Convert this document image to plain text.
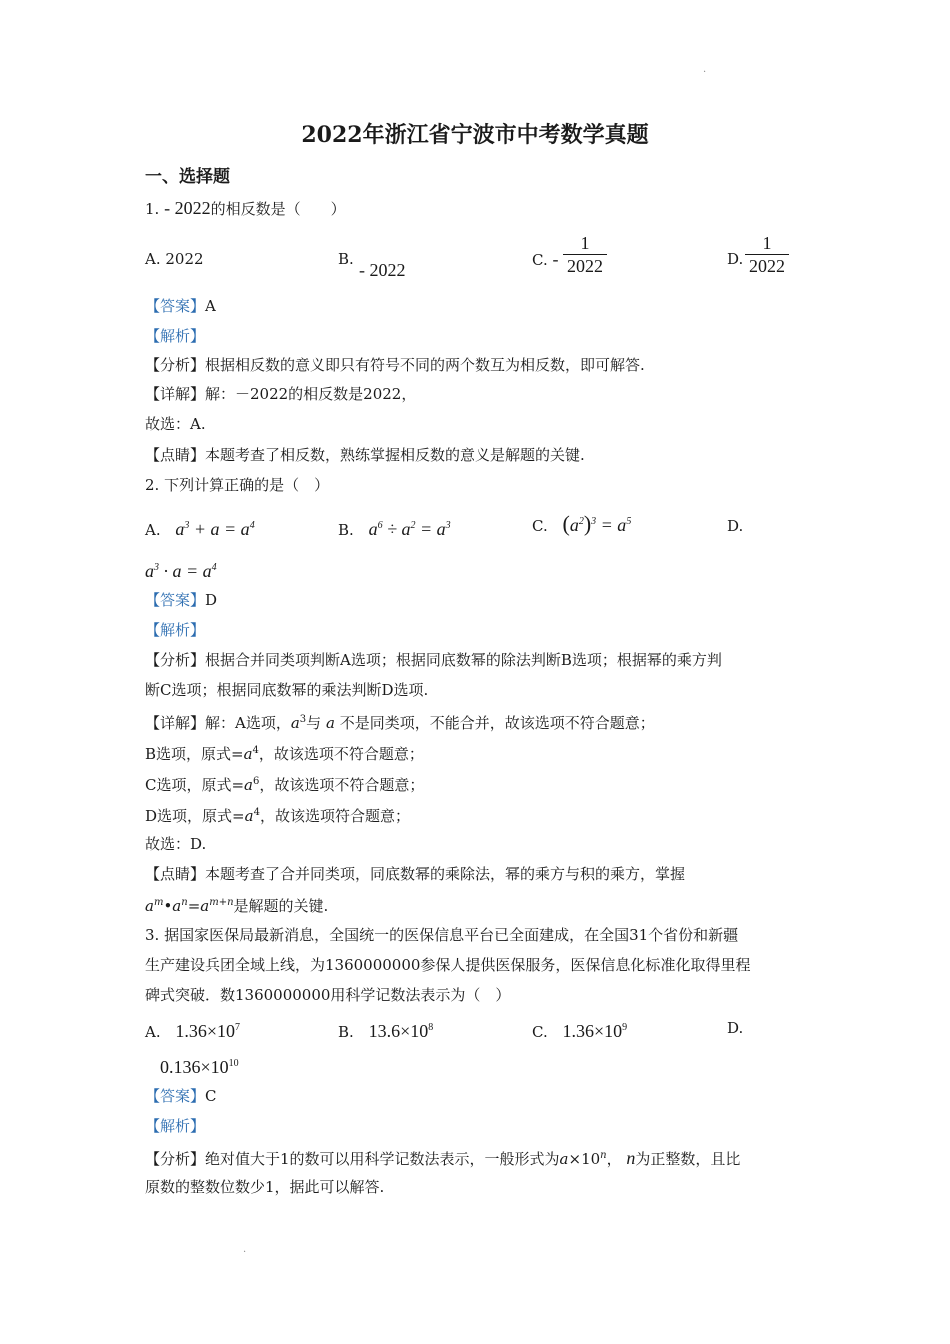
.
2022年浙江省宁波市中考数学真题
一、选择题
1. - 2022的相反数是（　　）
A. 2022	B.
- 2022	C. - $\frac{1}{2022}$	D. $\frac{1}{2022}$
【答案】A
【解析】
【分析】根据相反数的意义即只有符号不同的两个数互为相反数，即可解答.
【详解】解：－2022的相反数是2022，
故选：A.
【点睛】本题考查了相反数，熟练掌握相反数的意义是解题的关键.
2. 下列计算正确的是（　）
A. $a^3 + a = a^4$	B. $a^6 \div a^2 = a^3$	C. $(a^2)^3 = a^5$	D.
$a^3 \cdot a = a^4$
【答案】D
【解析】
【分析】根据合并同类项判断A选项；根据同底数幂的除法判断B选项；根据幂的乘方判
断C选项；根据同底数幂的乘法判断D选项.
【详解】解：A选项，$a^3$与 a 不是同类项，不能合并，故该选项不符合题意；
B选项，原式$=a^4$，故该选项不符合题意；
C选项，原式$=a^6$，故该选项不符合题意；
D选项，原式$=a^4$，故该选项符合题意；
故选：D.
【点睛】本题考查了合并同类项，同底数幂的乘除法，幂的乘方与积的乘方，掌握
$a^m•a^n=a^{m+n}$是解题的关键.
3. 据国家医保局最新消息，全国统一的医保信息平台已全面建成，在全国31个省份和新疆
生产建设兵团全域上线，为1360000000参保人提供医保服务，医保信息化标准化取得里程
碑式突破．数1360000000用科学记数法表示为（　）
A. $1.36\times 10^7$	B. $13.6\times 10^8$	C. $1.36\times 10^9$	D.
$0.136\times 10^{10}$
【答案】C
【解析】
【分析】绝对值大于1的数可以用科学记数法表示，一般形式为$a\times 10^n$， n为正整数，且比
原数的整数位数少1，据此可以解答.
.
